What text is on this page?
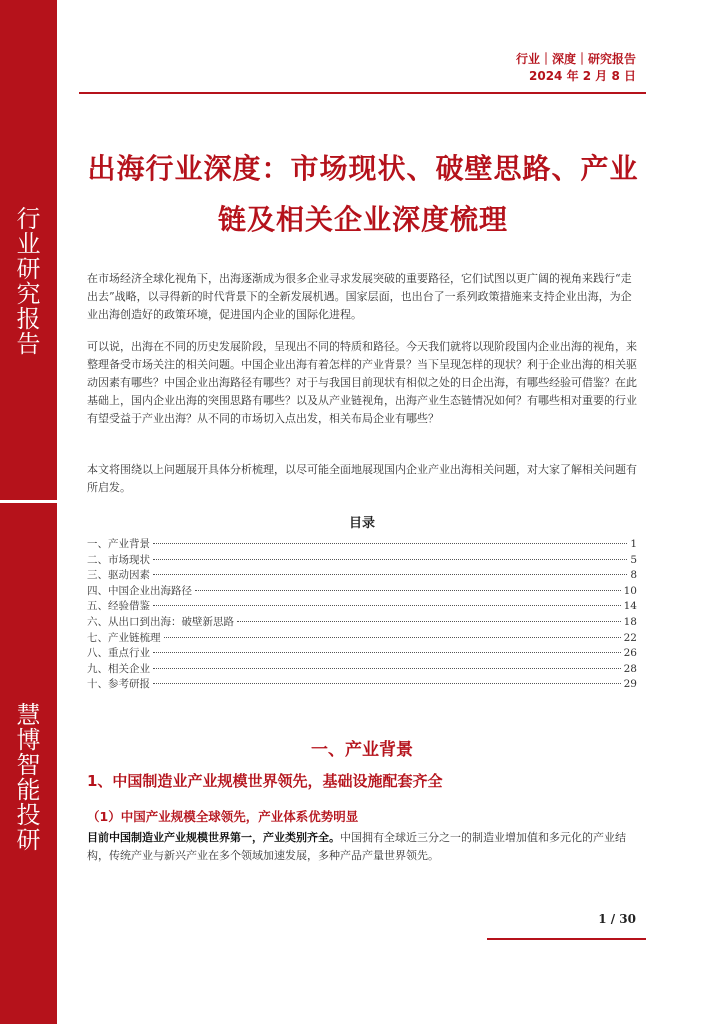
行
业
研
究
报
告
慧
博
智
能
投
研
行业｜深度｜研究报告
2024 年 2 月 8 日
出海行业深度：市场现状、破壁思路、产业
链及相关企业深度梳理

在市场经济全球化视角下，出海逐渐成为很多企业寻求发展突破的重要路径，它们试图以更广阔的视角来践行“走出去”战略，以寻得新的时代背景下的全新发展机遇。国家层面，也出台了一系列政策措施来支持企业出海，为企业出海创造好的政策环境，促进国内企业的国际化进程。

可以说，出海在不同的历史发展阶段，呈现出不同的特质和路径。今天我们就将以现阶段国内企业出海的视角，来整理备受市场关注的相关问题。中国企业出海有着怎样的产业背景？当下呈现怎样的现状？利于企业出海的相关驱动因素有哪些？中国企业出海路径有哪些？对于与我国目前现状有相似之处的日企出海，有哪些经验可借鉴？在此基础上，国内企业出海的突围思路有哪些？以及从产业链视角，出海产业生态链情况如何？有哪些相对重要的行业有望受益于产业出海？从不同的市场切入点出发，相关布局企业有哪些？

本文将围绕以上问题展开具体分析梳理，以尽可能全面地展现国内企业产业出海相关问题，对大家了解相关问题有所启发。

目录
一、产业背景	1
二、市场现状	5
三、驱动因素	8
四、中国企业出海路径	10
五、经验借鉴	14
六、从出口到出海：破壁新思路	18
七、产业链梳理	22
八、重点行业	26
九、相关企业	28
十、参考研报	29
一、产业背景
1、中国制造业产业规模世界领先，基础设施配套齐全
（1）中国产业规模全球领先，产业体系优势明显

目前中国制造业产业规模世界第一，产业类别齐全。中国拥有全球近三分之一的制造业增加值和多元化的产业结构，传统产业与新兴产业在多个领域加速发展，多种产品产量世界领先。

1 / 30
